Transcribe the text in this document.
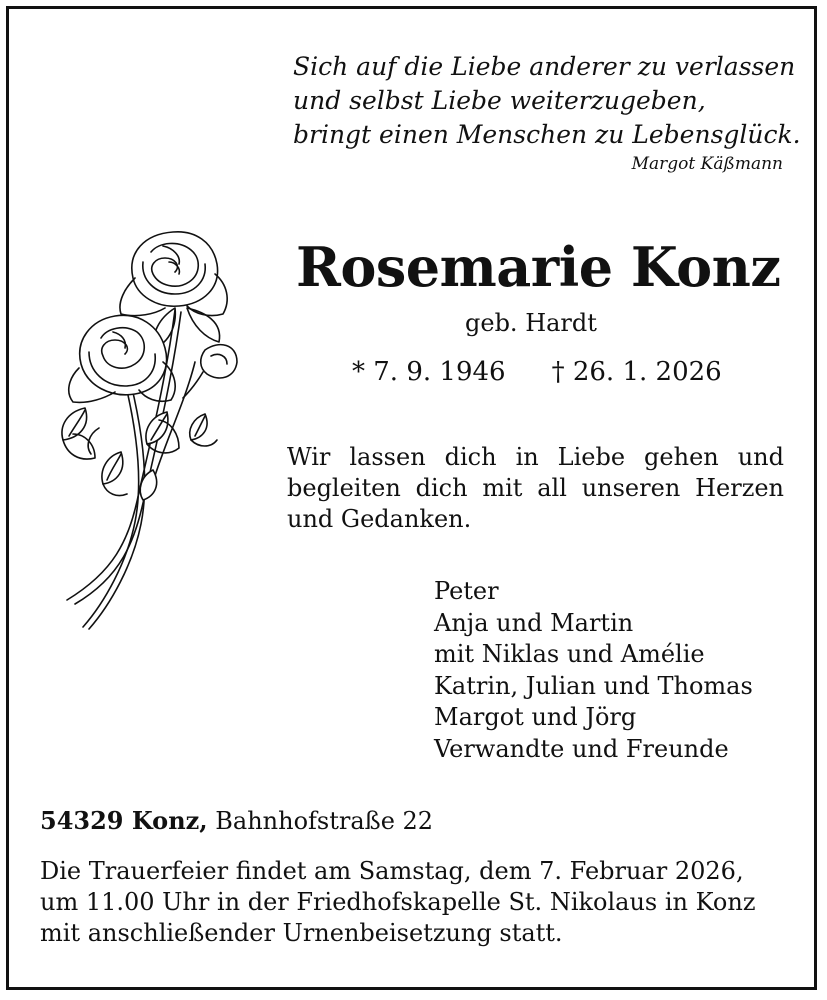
Sich auf die Liebe anderer zu verlassen
und selbst Liebe weiterzugeben,
bringt einen Menschen zu Lebensglück.
Margot Käßmann
Rosemarie Konz
geb. Hardt
* 7. 9. 1946 † 26. 1. 2026
Wir lassen dich in Liebe gehen und
begleiten dich mit all unseren Herzen
und Gedanken.
Peter
Anja und Martin
mit Niklas und Amélie
Katrin, Julian und Thomas
Margot und Jörg
Verwandte und Freunde
54329 Konz, Bahnhofstraße 22
Die Trauerfeier findet am Samstag, dem 7. Februar 2026,
um 11.00 Uhr in der Friedhofskapelle St. Nikolaus in Konz
mit anschließender Urnenbeisetzung statt.
